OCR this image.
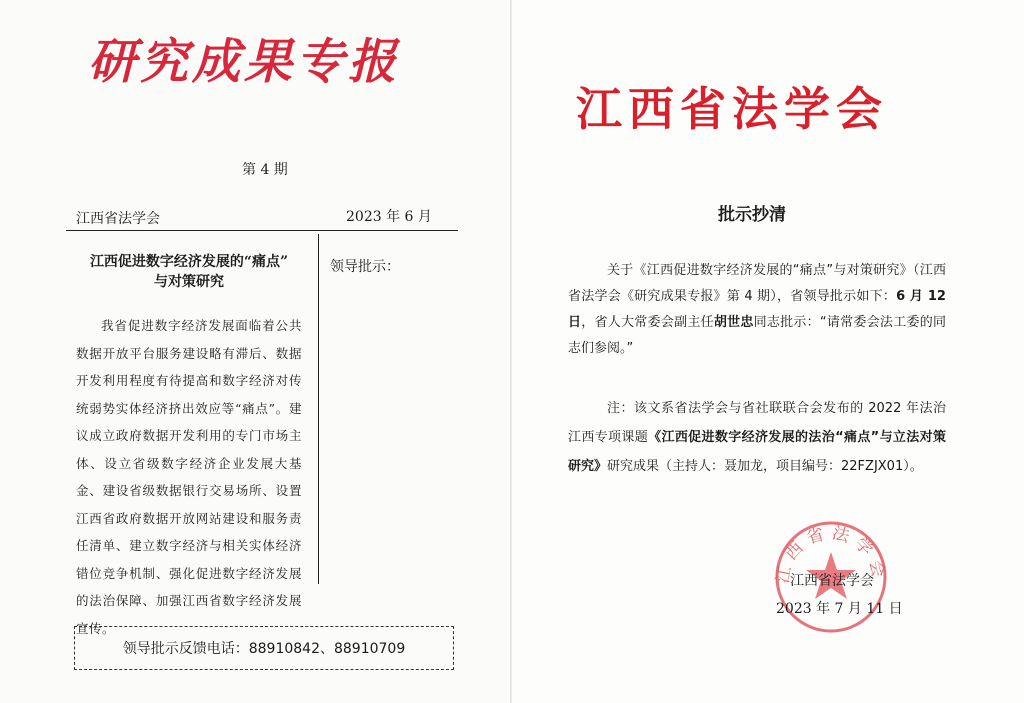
研究成果专报
第 4 期
江西省法学会	2023 年 6 月
江西促进数字经济发展的“痛点”
与对策研究
我省促进数字经济发展面临着公共数据开放平台服务建设略有滞后、数据开发利用程度有待提高和数字经济对传统弱势实体经济挤出效应等“痛点”。建议成立政府数据开发利用的专门市场主体、设立省级数字经济企业发展大基金、建设省级数据银行交易场所、设置江西省政府数据开放网站建设和服务责任清单、建立数字经济与相关实体经济错位竞争机制、强化促进数字经济发展的法治保障、加强江西省数字经济发展宣传。
领导批示：
领导批示反馈电话：88910842、88910709
江西省法学会
批示抄清
关于《江西促进数字经济发展的“痛点”与对策研究》（江西省法学会《研究成果专报》第 4 期），省领导批示如下：6 月 12 日，省人大常委会副主任胡世忠同志批示：“请常委会法工委的同志们参阅。”
注：该文系省法学会与省社联联合会发布的 2022 年法治江西专项课题《江西促进数字经济发展的法治“痛点”与立法对策研究》研究成果（主持人：聂加龙，项目编号：22FZJX01）。
江西省法学会
江西省法学会
2023 年 7 月 11 日
